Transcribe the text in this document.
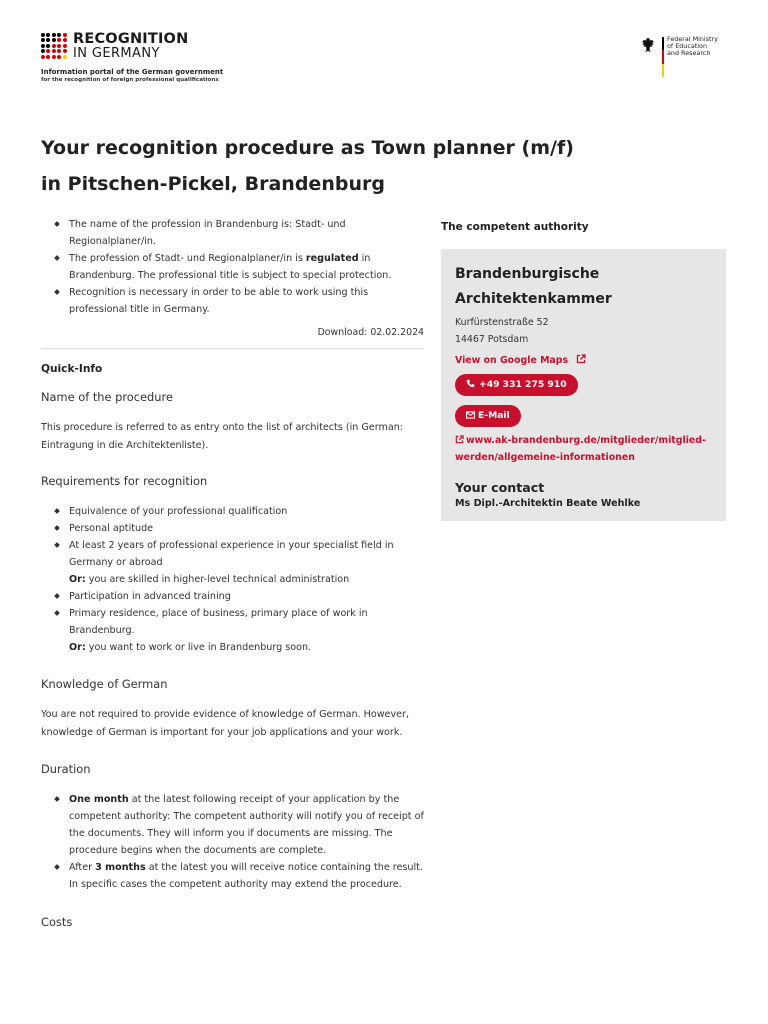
RECOGNITION
IN GERMANY
Information portal of the German government
for the recognition of foreign professional qualifications
Federal Ministry
of Education
and Research
Your recognition procedure as Town planner (m/f)
in Pitschen-Pickel, Brandenburg
The name of the profession in Brandenburg is: Stadt- und Regionalplaner/in.
The profession of Stadt- und Regionalplaner/in is regulated in Brandenburg. The professional title is subject to special protection.
Recognition is necessary in order to be able to work using this professional title in Germany.
Download: 02.02.2024
Quick-Info
Name of the procedure
This procedure is referred to as entry onto the list of architects (in German: Eintragung in die Architektenliste).
Requirements for recognition
Equivalence of your professional qualification
Personal aptitude
At least 2 years of professional experience in your specialist field in Germany or abroad
Or: you are skilled in higher-level technical administration
Participation in advanced training
Primary residence, place of business, primary place of work in Brandenburg.
Or: you want to work or live in Brandenburg soon.
Knowledge of German
You are not required to provide evidence of knowledge of German. However, knowledge of German is important for your job applications and your work.
Duration
One month at the latest following receipt of your application by the competent authority: The competent authority will notify you of receipt of the documents. They will inform you if documents are missing. The procedure begins when the documents are complete.
After 3 months at the latest you will receive notice containing the result. In specific cases the competent authority may extend the procedure.
Costs
The competent authority
Brandenburgische
Architektenkammer
Kurfürstenstraße 52
14467 Potsdam
View on Google Maps
+49 331 275 910
E-Mail
www.ak-brandenburg.de/mitglieder/mitglied-
werden/allgemeine-informationen
Your contact
Ms Dipl.-Architektin Beate Wehlke
